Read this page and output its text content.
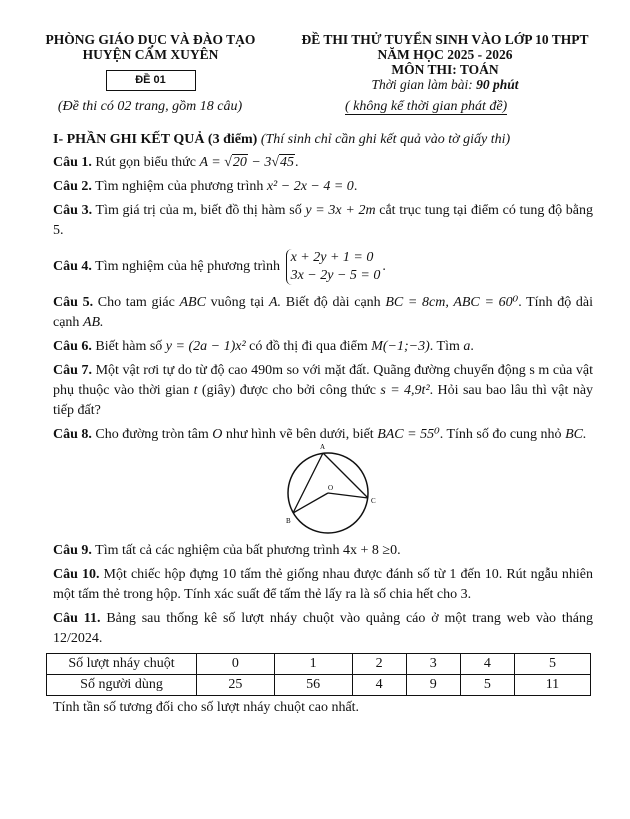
PHÒNG GIÁO DỤC VÀ ĐÀO TẠO
HUYỆN CẨM XUYÊN
ĐỀ 01
(Đề thi có 02 trang, gồm 18 câu)
ĐỀ THI THỬ TUYỂN SINH VÀO LỚP 10 THPT
NĂM HỌC 2025 - 2026
MÔN THI: TOÁN
Thời gian làm bài: 90 phút
( không kể thời gian phát đề)
I- PHẦN GHI KẾT QUẢ (3 điểm) (Thí sinh chỉ cần ghi kết quả vào tờ giấy thi)
Câu 1. Rút gọn biểu thức A = √20 − 3√45.
Câu 2. Tìm nghiệm của phương trình x² − 2x − 4 = 0.
Câu 3. Tìm giá trị của m, biết đồ thị hàm số y = 3x + 2m cắt trục tung tại điểm có tung độ bằng 5.
Câu 4. Tìm nghiệm của hệ phương trình
x + 2y + 1 = 0
3x − 2y − 5 = 0
.
Câu 5. Cho tam giác ABC vuông tại A. Biết độ dài cạnh BC = 8cm, ABC = 60⁰. Tính độ dài cạnh AB.
Câu 6. Biết hàm số y = (2a − 1)x² có đồ thị đi qua điểm M(−1;−3). Tìm a.
Câu 7. Một vật rơi tự do từ độ cao 490m so với mặt đất. Quãng đường chuyển động s m của vật phụ thuộc vào thời gian t (giây) được cho bởi công thức s = 4,9t². Hỏi sau bao lâu thì vật này tiếp đất?
Câu 8. Cho đường tròn tâm O như hình vẽ bên dưới, biết BAC = 55⁰. Tính số đo cung nhỏ BC.
A
B
C
O
Câu 9. Tìm tất cả các nghiệm của bất phương trình 4x + 8 ≥0.
Câu 10. Một chiếc hộp đựng 10 tấm thẻ giống nhau được đánh số từ 1 đến 10. Rút ngẫu nhiên một tấm thẻ trong hộp. Tính xác suất để tấm thẻ lấy ra là số chia hết cho 3.
Câu 11. Bảng sau thống kê số lượt nháy chuột vào quảng cáo ở một trang web vào tháng 12/2024.
Số lượt nháy chuột	0	1	2	3	4	5
Số người dùng	25	56	4	9	5	11
Tính tần số tương đối cho số lượt nháy chuột cao nhất.
